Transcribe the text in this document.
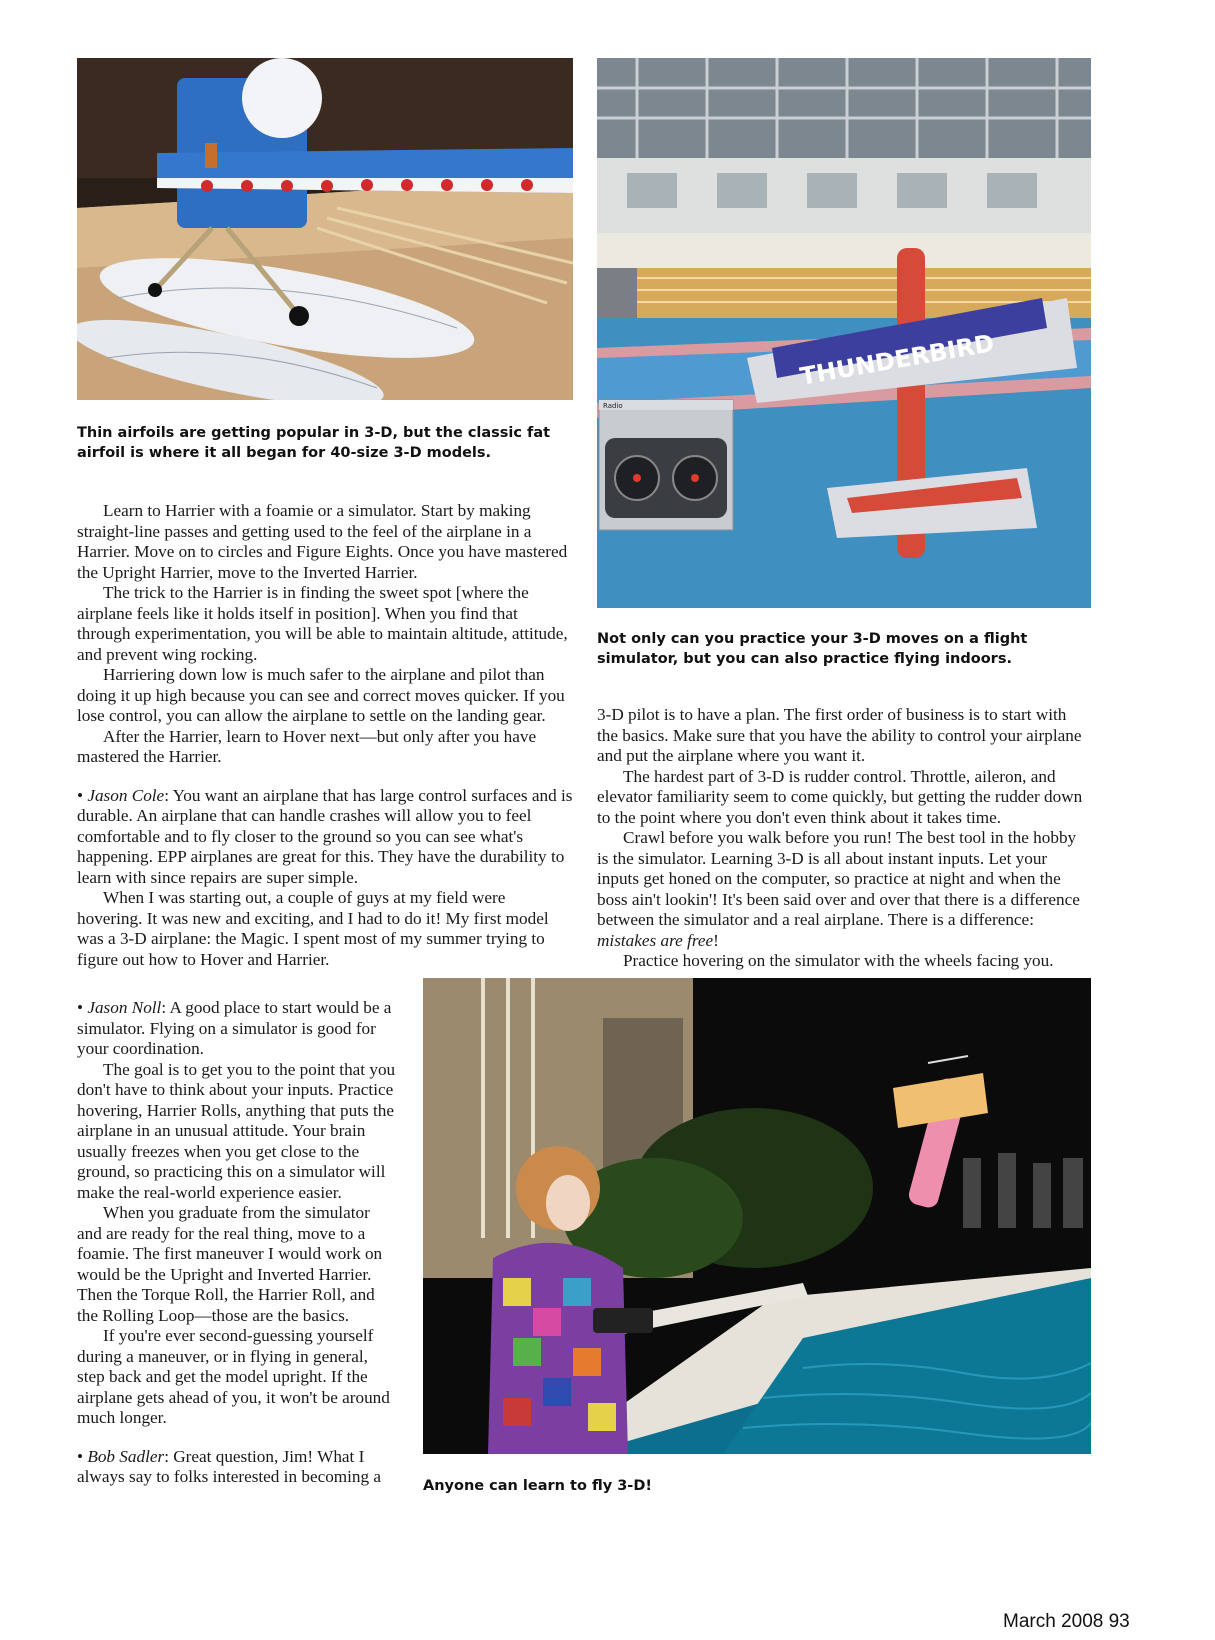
Thin airfoils are getting popular in 3-D, but the classic fat airfoil is where it all began for 40-size 3-D models.
THUNDERBIRD
Radio
Not only can you practice your 3-D moves on a flight simulator, but you can also practice flying indoors.

Learn to Harrier with a foamie or a simulator. Start by making straight-line passes and getting used to the feel of the airplane in a Harrier. Move on to circles and Figure Eights. Once you have mastered the Upright Harrier, move to the Inverted Harrier.

The trick to the Harrier is in finding the sweet spot [where the airplane feels like it holds itself in position]. When you find that through experimentation, you will be able to maintain altitude, attitude, and prevent wing rocking.

Harriering down low is much safer to the airplane and pilot than doing it up high because you can see and correct moves quicker. If you lose control, you can allow the airplane to settle on the landing gear.

After the Harrier, learn to Hover next—but only after you have mastered the Harrier.

• Jason Cole: You want an airplane that has large control surfaces and is durable. An airplane that can handle crashes will allow you to feel comfortable and to fly closer to the ground so you can see what's happening. EPP airplanes are great for this. They have the durability to learn with since repairs are super simple.

When I was starting out, a couple of guys at my field were hovering. It was new and exciting, and I had to do it! My first model was a 3-D airplane: the Magic. I spent most of my summer trying to figure out how to Hover and Harrier.

3-D pilot is to have a plan. The first order of business is to start with the basics. Make sure that you have the ability to control your airplane and put the airplane where you want it.

The hardest part of 3-D is rudder control. Throttle, aileron, and elevator familiarity seem to come quickly, but getting the rudder down to the point where you don't even think about it takes time.

Crawl before you walk before you run! The best tool in the hobby is the simulator. Learning 3-D is all about instant inputs. Let your inputs get honed on the computer, so practice at night and when the boss ain't lookin'! It's been said over and over that there is a difference between the simulator and a real airplane. There is a difference: mistakes are free!

Practice hovering on the simulator with the wheels facing you.

• Jason Noll: A good place to start would be a simulator. Flying on a simulator is good for your coordination.

The goal is to get you to the point that you don't have to think about your inputs. Practice hovering, Harrier Rolls, anything that puts the airplane in an unusual attitude. Your brain usually freezes when you get close to the ground, so practicing this on a simulator will make the real-world experience easier.

When you graduate from the simulator and are ready for the real thing, move to a foamie. The first maneuver I would work on would be the Upright and Inverted Harrier. Then the Torque Roll, the Harrier Roll, and the Rolling Loop—those are the basics.

If you're ever second-guessing yourself during a maneuver, or in flying in general, step back and get the model upright. If the airplane gets ahead of you, it won't be around much longer.

• Bob Sadler: Great question, Jim! What I always say to folks interested in becoming a	Anyone can learn to fly 3-D!
March 2008 93
